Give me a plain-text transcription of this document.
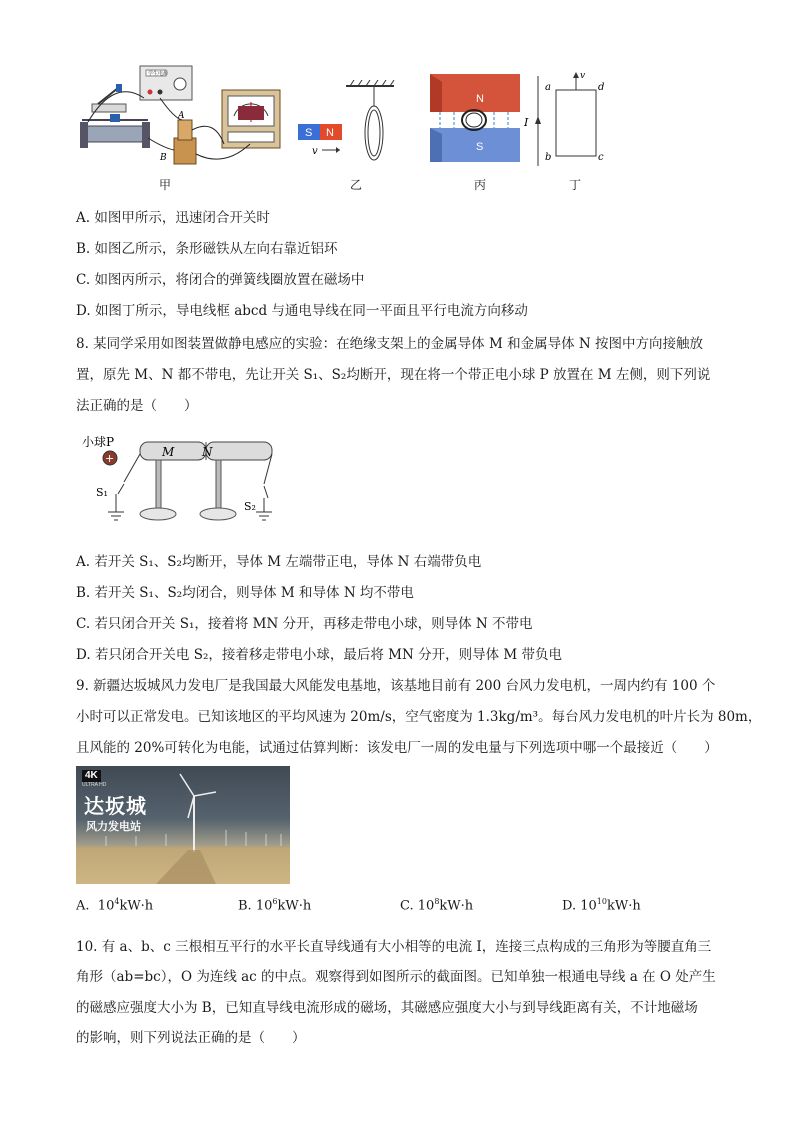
学生电源
A
B
甲
S N
v
乙
N
S
丙
I
v
a	d
b	c
丁
A. 如图甲所示，迅速闭合开关时
B. 如图乙所示，条形磁铁从左向右靠近铝环
C. 如图丙所示，将闭合的弹簧线圈放置在磁场中
D. 如图丁所示，导电线框 abcd 与通电导线在同一平面且平行电流方向移动
8. 某同学采用如图装置做静电感应的实验：在绝缘支架上的金属导体 M 和金属导体 N 按图中方向接触放
置，原先 M、N 都不带电，先让开关 S₁、S₂均断开，现在将一个带正电小球 P 放置在 M 左侧，则下列说
法正确的是（　　）
小球P
+	M N
S₁
S₂
A. 若开关 S₁、S₂均断开，导体 M 左端带正电，导体 N 右端带负电
B. 若开关 S₁、S₂均闭合，则导体 M 和导体 N 均不带电
C. 若只闭合开关 S₁，接着将 MN 分开，再移走带电小球，则导体 N 不带电
D. 若只闭合开关电 S₂，接着移走带电小球，最后将 MN 分开，则导体 M 带负电
9. 新疆达坂城风力发电厂是我国最大风能发电基地，该基地目前有 200 台风力发电机，一周内约有 100 个
小时可以正常发电。已知该地区的平均风速为 20m/s，空气密度为 1.3kg/m³。每台风力发电机的叶片长为 80m，
且风能的 20%可转化为电能，试通过估算判断：该发电厂一周的发电量与下列选项中哪一个最接近（　　）
4K
ULTRA HD
达坂城
风力发电站
A. $10^4kW\cdot h$	B. $10^6kW\cdot h$	C. $10^8kW\cdot h$	D. $10^{10}kW\cdot h$
10. 有 a、b、c 三根相互平行的水平长直导线通有大小相等的电流 I，连接三点构成的三角形为等腰直角三
角形（ab=bc），O 为连线 ac 的中点。观察得到如图所示的截面图。已知单独一根通电导线 a 在 O 处产生
的磁感应强度大小为 B，已知直导线电流形成的磁场，其磁感应强度大小与到导线距离有关，不计地磁场
的影响，则下列说法正确的是（　　）
